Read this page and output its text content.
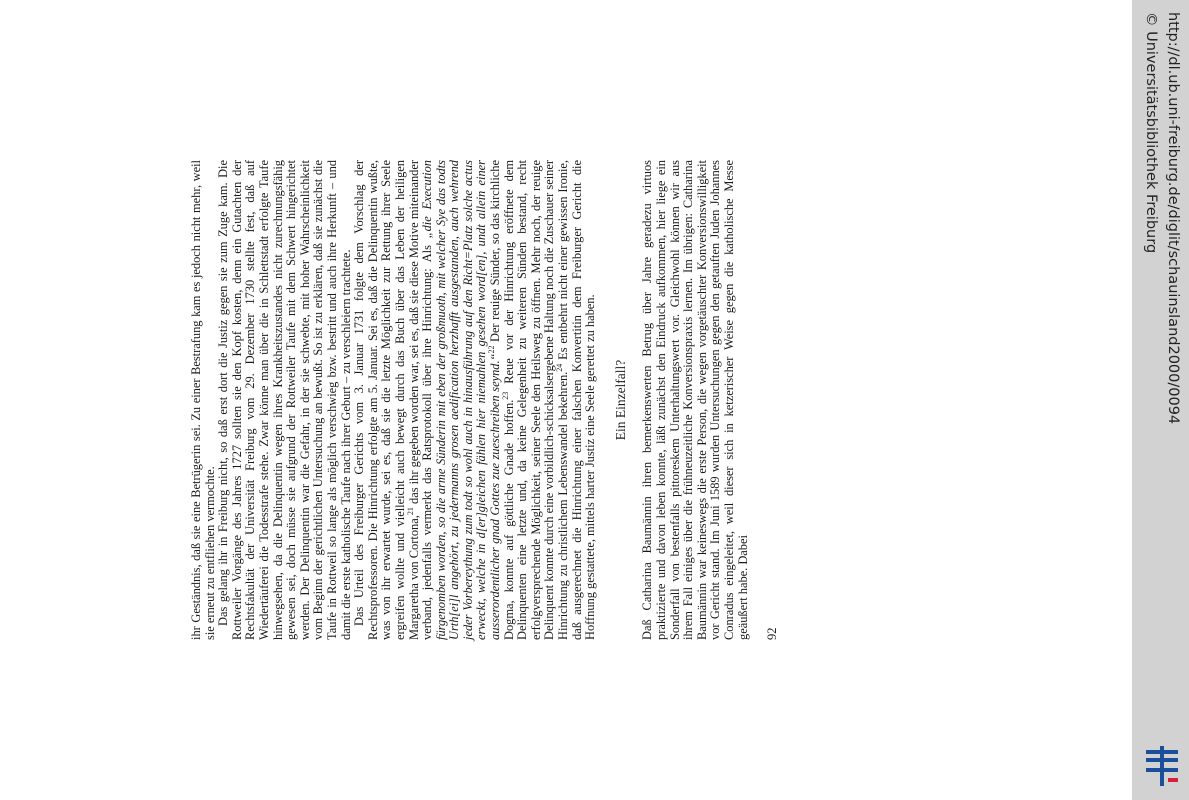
ihr Geständnis, daß sie eine Betrügerin sei. Zu einer Bestrafung kam es jedoch nicht mehr, weil sie erneut zu entfliehen vermochte. Das gelang ihr in Freiburg nicht, so daß erst dort die Justiz gegen sie zum Zuge kam. Die Rottweiler Vorgänge des Jahres 1727 sollten sie den Kopf kosten, denn ein Gutachten der Rechtsfakultät der Universität Freiburg vom 29. Dezember 1730 stellte fest, daß auf Wiedertäuferei die Todesstrafe stehe. Zwar könne man über die in Schlettstadt erfolgte Taufe hinwegsehen, da die Delinquentin wegen ihres Krankheitszustandes nicht zurechnungsfähig gewesen sei, doch müsse sie aufgrund der Rottweiler Taufe mit dem Schwert hingerichtet werden. Der Delinquentin war die Gefahr, in der sie schwebte, mit hoher Wahrscheinlichkeit vom Beginn der gerichtlichen Untersuchung an bewußt. So ist zu erklären, daß sie zunächst die Taufe in Rottweil so lange als möglich verschwieg bzw. bestritt und auch ihre Herkunft – und damit die erste katholische Taufe nach ihrer Geburt – zu verschleiern trachtete. Das Urteil des Freiburger Gerichts vom 3. Januar 1731 folgte dem Vorschlag der Rechtsprofessoren. Die Hinrichtung erfolgte am 5. Januar. Sei es, daß die Delinquentin wußte, was von ihr erwartet wurde, sei es, daß sie die letzte Möglichkeit zur Rettung ihrer Seele ergreifen wollte und vielleicht auch bewegt durch das Buch über das Leben der heiligen Margaretha von Cortona,$^{21}$ das ihr gegeben worden war, sei es, daß sie diese Motive miteinander verband, jedenfalls vermerkt das Ratsprotokoll über ihre Hinrichtung: Als „die Execution fürgenomben worden, so die arme Sünderin mit eben der großmuoth, mit welcher Sye das todts Urth[ei]l angehört, zu jedermanns grosen aedification herzhafft ausgestanden, auch wehrend jeder Vorbereythung zum todt so wohl auch in hinausführung auf den Richt=Platz solche actus erweckt, welche in d[er]gleichen fählen hier niemahlen gesehen word[en], undt allein einer ausserordentlicher gnad Gottes zue zueschreiben seynd.“$^{22}$ Der reuige Sünder, so das kirchliche Dogma, konnte auf göttliche Gnade hoffen.$^{23}$ Reue vor der Hinrichtung eröffnete dem Delinquenten eine letzte und, da keine Gelegenheit zu weiteren Sünden bestand, recht erfolgversprechende Möglichkeit, seiner Seele den Heilsweg zu öffnen. Mehr noch, der reuige Delinquent konnte durch eine vorbildlich-schicksalsergebene Haltung noch die Zuschauer seiner Hinrichtung zu christlichem Lebenswandel bekehren.$^{24}$ Es entbehrt nicht einer gewissen Ironie, daß ausgerechnet die Hinrichtung einer falschen Konvertitin dem Freiburger Gericht die Hoffnung gestattete, mittels harter Justiz eine Seele gerettet zu haben. Ein Einzelfall? Daß Catharina Baumännin ihren bemerkenswerten Betrug über Jahre geradezu virtuos praktizierte und davon leben konnte, läßt zunächst den Eindruck aufkommen, hier liege ein Sonderfall von bestenfalls pittoreskem Unterhaltungswert vor. Gleichwohl können wir aus ihrem Fall einiges über die frühneuzeitliche Konversionspraxis lernen. Im übrigen: Catharina Baumännin war keineswegs die erste Person, die wegen vorgetäuschter Konversionswilligkeit vor Gericht stand. Im Juni 1589 wurden Untersuchungen gegen den getauften Juden Johannes Conradus eingeleitet, weil dieser sich in ketzerischer Weise gegen die katholische Messe geäußert habe. Dabei 92
http://dl.ub.uni-freiburg.de/diglit/schauinsland2000/0094
© Universitätsbibliothek Freiburg
